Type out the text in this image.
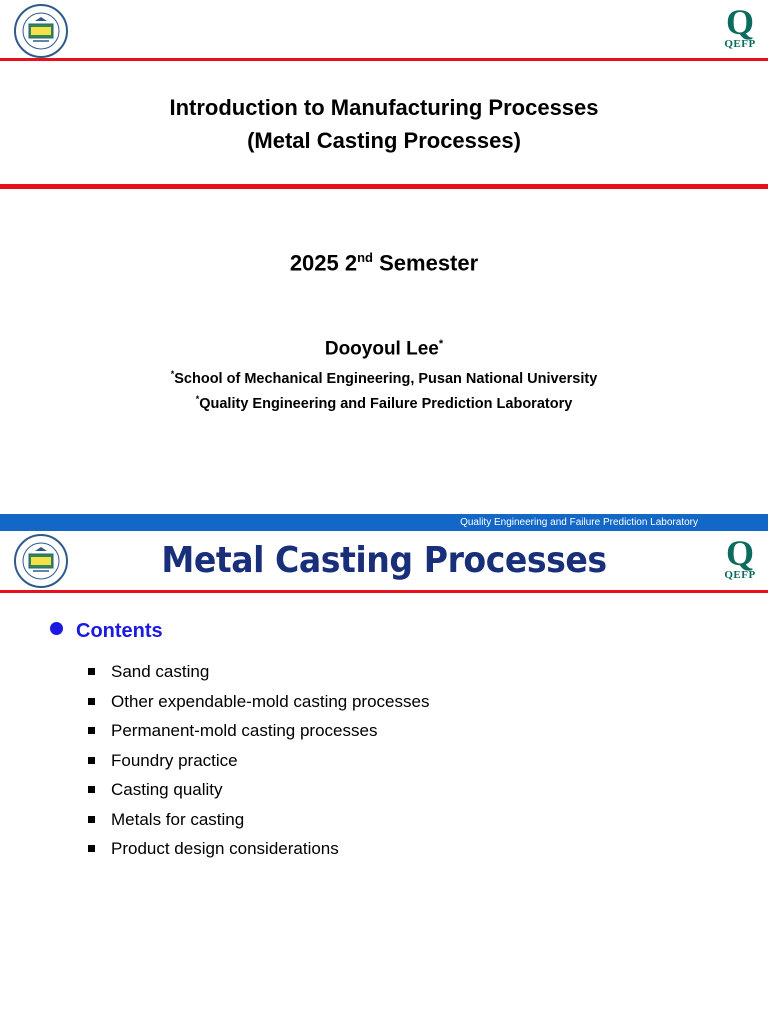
Q
QEFP
Introduction to Manufacturing Processes
(Metal Casting Processes)
2025 2nd Semester
Dooyoul Lee*
*School of Mechanical Engineering, Pusan National University
*Quality Engineering and Failure Prediction Laboratory
Quality Engineering and Failure Prediction Laboratory
Metal Casting Processes	Q
QEFP
Contents
Sand casting
Other expendable-mold casting processes
Permanent-mold casting processes
Foundry practice
Casting quality
Metals for casting
Product design considerations
